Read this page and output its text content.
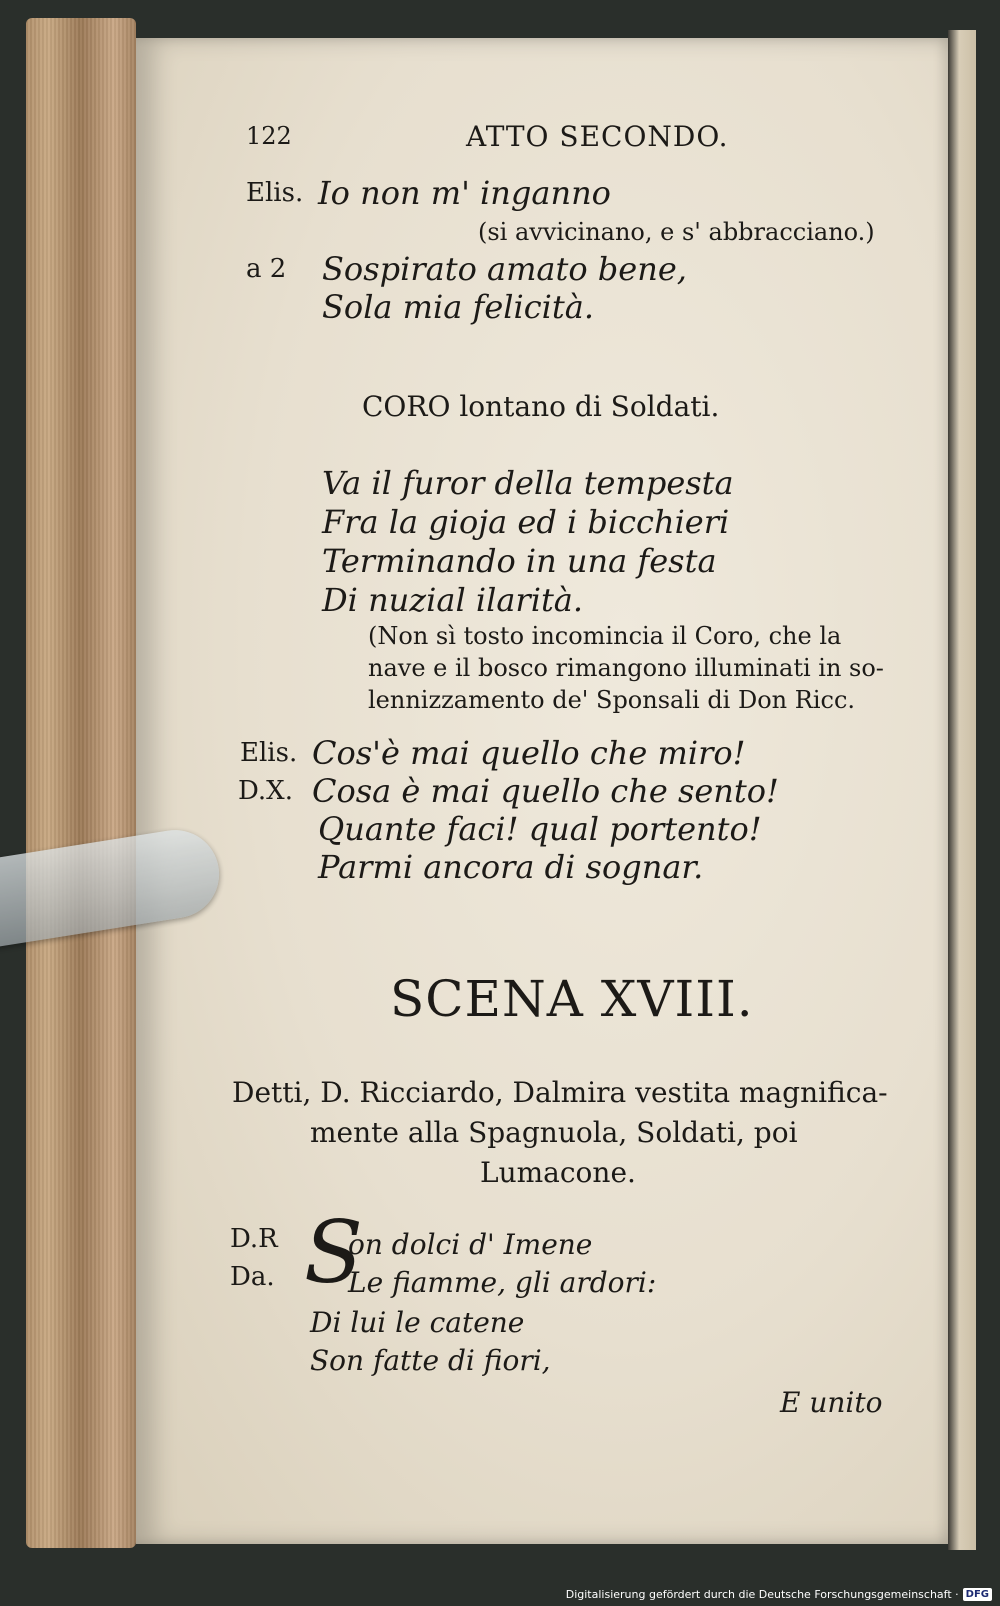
122	ATTO SECONDO.
Elis. Io non m' inganno
(si avvicinano, e s' abbracciano.)
a 2 Sospirato amato bene,
Sola mia felicità.
CORO lontano di Soldati.
Va il furor della tempesta
Fra la gioja ed i bicchieri
Terminando in una festa
Di nuzial ilarità.
(Non sì tosto incomincia il Coro, che la
nave e il bosco rimangono illuminati in so-
lennizzamento de' Sponsali di Don Ricc.
Elis. Cos'è mai quello che miro!
D.X. Cosa è mai quello che sento!
Quante faci! qual portento!
Parmi ancora di sognar.
SCENA XVIII.
Detti, D. Ricciardo, Dalmira vestita magnifica-
mente alla Spagnuola, Soldati, poi
Lumacone.
D.R
Da. S
on dolci d' Imene
Le fiamme, gli ardori:
Di lui le catene
Son fatte di fiori,
E unito
Digitalisierung gefördert durch die Deutsche Forschungsgemeinschaft · DFG
